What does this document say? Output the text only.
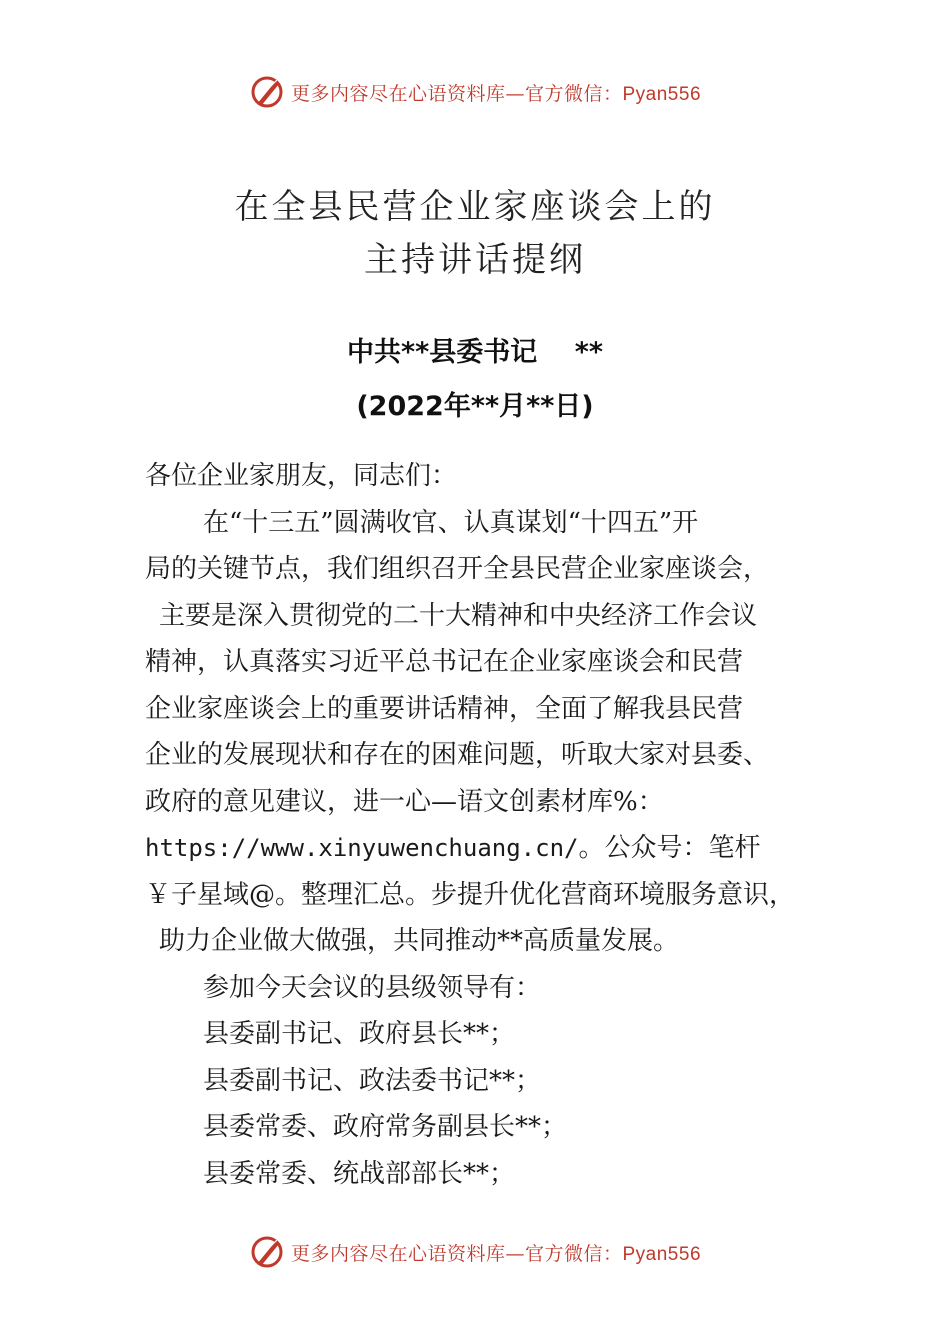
更多内容尽在心语资料库—官方微信：Pyan556
在全县民营企业家座谈会上的
主持讲话提纲
中共**县委书记    **
(2022年**月**日)
各位企业家朋友，同志们：
在“十三五”圆满收官、认真谋划“十四五”开
局的关键节点，我们组织召开全县民营企业家座谈会，
主要是深入贯彻党的二十大精神和中央经济工作会议
精神，认真落实习近平总书记在企业家座谈会和民营
企业家座谈会上的重要讲话精神，全面了解我县民营
企业的发展现状和存在的困难问题，听取大家对县委、
政府的意见建议，进一心—语文创素材库%：
https://www.xinyuwenchuang.cn/。公众号：笔杆
￥子星域@。整理汇总。步提升优化营商环境服务意识，
助力企业做大做强，共同推动**高质量发展。
参加今天会议的县级领导有：
县委副书记、政府县长**；
县委副书记、政法委书记**；
县委常委、政府常务副县长**；
县委常委、统战部部长**；
更多内容尽在心语资料库—官方微信：Pyan556
